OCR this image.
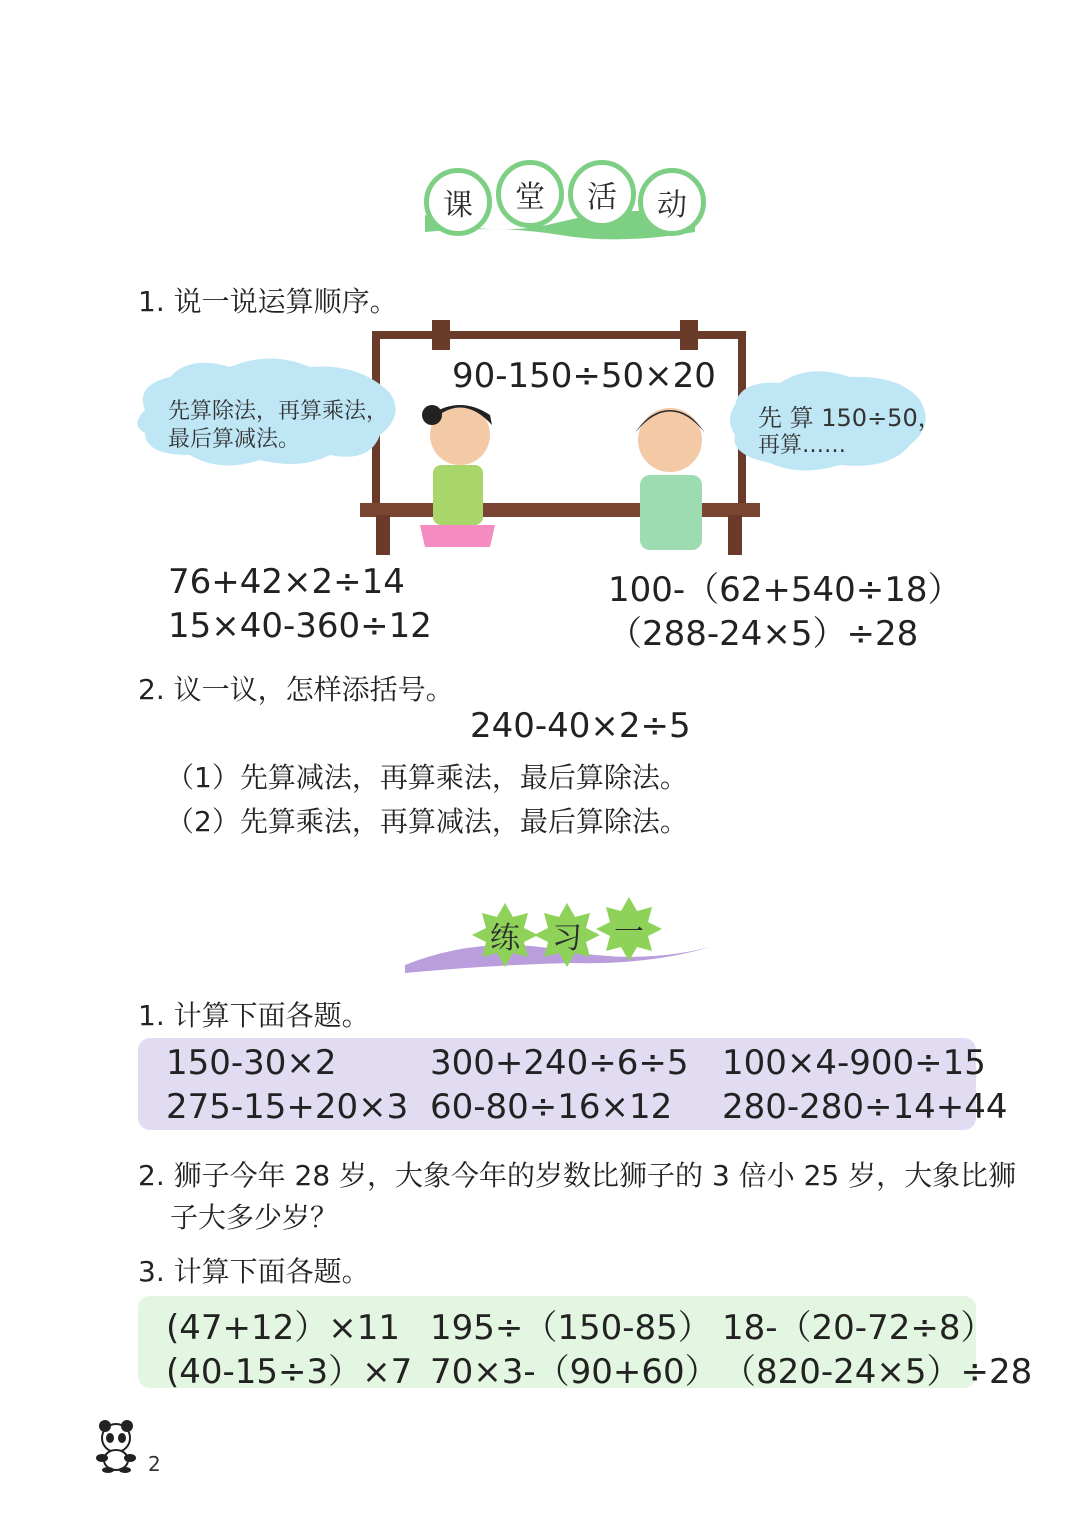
课	堂	活	动
1. 说一说运算顺序。
90-150÷50×20
先算除法，再算乘法，
最后算减法。
先 算 150÷50，
再算……
76+42×2÷14	100-（62+540÷18）
15×40-360÷12	（288-24×5）÷28
2. 议一议，怎样添括号。
240-40×2÷5
（1）先算减法，再算乘法，最后算除法。
（2）先算乘法，再算减法，最后算除法。
练	习	一
1. 计算下面各题。
150-30×2	300+240÷6÷5 100×4-900÷15
275-15+20×3 60-80÷16×12 280-280÷14+44
2. 狮子今年 28 岁，大象今年的岁数比狮子的 3 倍小 25 岁，大象比狮
子大多少岁？
3. 计算下面各题。
(47+12）×11 195÷（150-85） 18-（20-72÷8）
(40-15÷3）×7 70×3-（90+60） （820-24×5）÷28
2
